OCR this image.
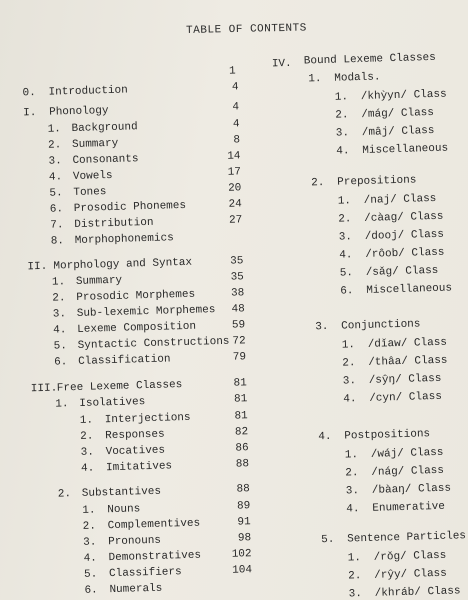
TABLE OF CONTENTS
1
0. Introduction	4
I. Phonology	4
1. Background	4
2. Summary	8
3. Consonants	14
4. Vowels	17
5. Tones	20
6. Prosodic Phonemes	24
7. Distribution	27
8. Morphophonemics
II. Morphology and Syntax	35
1. Summary	35
2. Prosodic Morphemes	38
3. Sub-lexemic Morphemes	48
4. Lexeme Composition	59
5. Syntactic Constructions 72
6. Classification	79
III. Free Lexeme Classes	81
1. Isolatives	81
1. Interjections	81
2. Responses	82
3. Vocatives	86
4. Imitatives	88
2. Substantives	88
1. Nouns	89
2. Complementives	91
3. Pronouns	98
4. Demonstratives	102
5. Classifiers	104
6. Numerals
IV. Bound Lexeme Classes
1. Modals.
1. /khỳyn/ Class
2. /mág/ Class
3. /mâj/ Class
4. Miscellaneous
2. Prepositions
1. /naj/ Class
2. /càag/ Class
3. /dooj/ Class
4. /rôob/ Class
5. /sǎg/ Class
6. Miscellaneous
3. Conjunctions
1. /dǐaw/ Class
2. /thâa/ Class
3. /sŷŋ/ Class
4. /cyn/ Class
4. Postpositions
1. /wáj/ Class
2. /nág/ Class
3. /bàaŋ/ Class
4. Enumerative
5. Sentence Particles
1. /rǒg/ Class
2. /rŷy/ Class
3. /khráb/ Class
